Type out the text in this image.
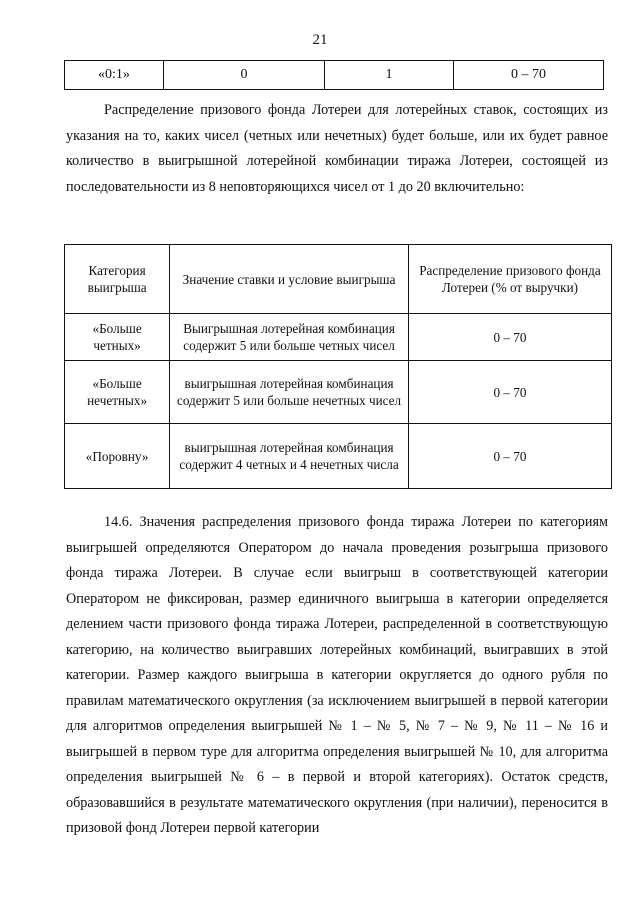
21
«0:1»	0	1	0 – 70
Распределение призового фонда Лотереи для лотерейных ставок, состоящих из указания на то, каких чисел (четных или нечетных) будет больше, или их будет равное количество в выигрышной лотерейной комбинации тиража Лотереи, состоящей из последовательности из 8 неповторяющихся чисел от 1 до 20 включительно:
Категория выигрыша	Значение ставки и условие выигрыша	Распределение призового фонда Лотереи (% от выручки)
«Больше четных»	Выигрышная лотерейная комбинация содержит 5 или больше четных чисел	0 – 70
«Больше нечетных»	выигрышная лотерейная комбинация содержит 5 или больше нечетных чисел	0 – 70
«Поровну»	выигрышная лотерейная комбинация содержит 4 четных и 4 нечетных числа	0 – 70
14.6. Значения распределения призового фонда тиража Лотереи по категориям выигрышей определяются Оператором до начала проведения розыгрыша призового фонда тиража Лотереи. В случае если выигрыш в соответствующей категории Оператором не фиксирован, размер единичного выигрыша в категории определяется делением части призового фонда тиража Лотереи, распределенной в соответствующую категорию, на количество выигравших лотерейных комбинаций, выигравших в этой категории. Размер каждого выигрыша в категории округляется до одного рубля по правилам математического округления (за исключением выигрышей в первой категории для алгоритмов определения выигрышей № 1 – № 5, № 7 – № 9, № 11 – № 16 и выигрышей в первом туре для алгоритма определения выигрышей № 10, для алгоритма определения выигрышей № 6 – в первой и второй категориях). Остаток средств, образовавшийся в результате математического округления (при наличии), переносится в призовой фонд Лотереи первой категории
